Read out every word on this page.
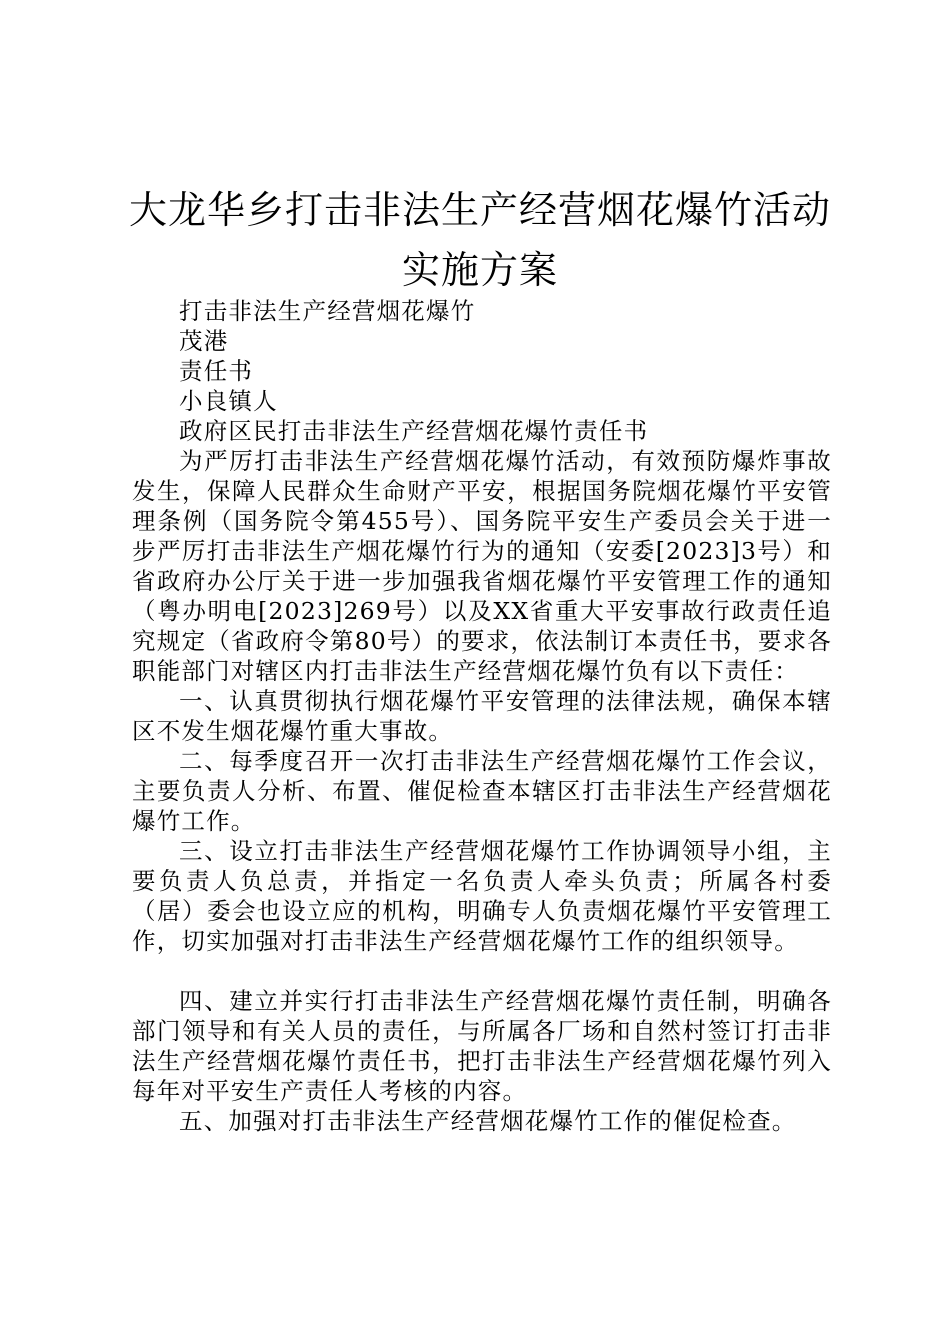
大龙华乡打击非法生产经营烟花爆竹活动实施方案

打击非法生产经营烟花爆竹

茂港

责任书

小良镇人

政府区民打击非法生产经营烟花爆竹责任书

为严厉打击非法生产经营烟花爆竹活动，有效预防爆炸事故发生，保障人民群众生命财产平安，根据国务院烟花爆竹平安管理条例（国务院令第455号）、国务院平安生产委员会关于进一步严厉打击非法生产烟花爆竹行为的通知（安委[2023]3号）和省政府办公厅关于进一步加强我省烟花爆竹平安管理工作的通知（粤办明电[2023]269号）以及XX省重大平安事故行政责任追究规定（省政府令第80号）的要求，依法制订本责任书，要求各职能部门对辖区内打击非法生产经营烟花爆竹负有以下责任：

一、认真贯彻执行烟花爆竹平安管理的法律法规，确保本辖区不发生烟花爆竹重大事故。

二、每季度召开一次打击非法生产经营烟花爆竹工作会议，主要负责人分析、布置、催促检查本辖区打击非法生产经营烟花爆竹工作。

三、设立打击非法生产经营烟花爆竹工作协调领导小组，主要负责人负总责，并指定一名负责人牵头负责；所属各村委（居）委会也设立应的机构，明确专人负责烟花爆竹平安管理工作，切实加强对打击非法生产经营烟花爆竹工作的组织领导。

四、建立并实行打击非法生产经营烟花爆竹责任制，明确各部门领导和有关人员的责任，与所属各厂场和自然村签订打击非法生产经营烟花爆竹责任书，把打击非法生产经营烟花爆竹列入每年对平安生产责任人考核的内容。

五、加强对打击非法生产经营烟花爆竹工作的催促检查。
